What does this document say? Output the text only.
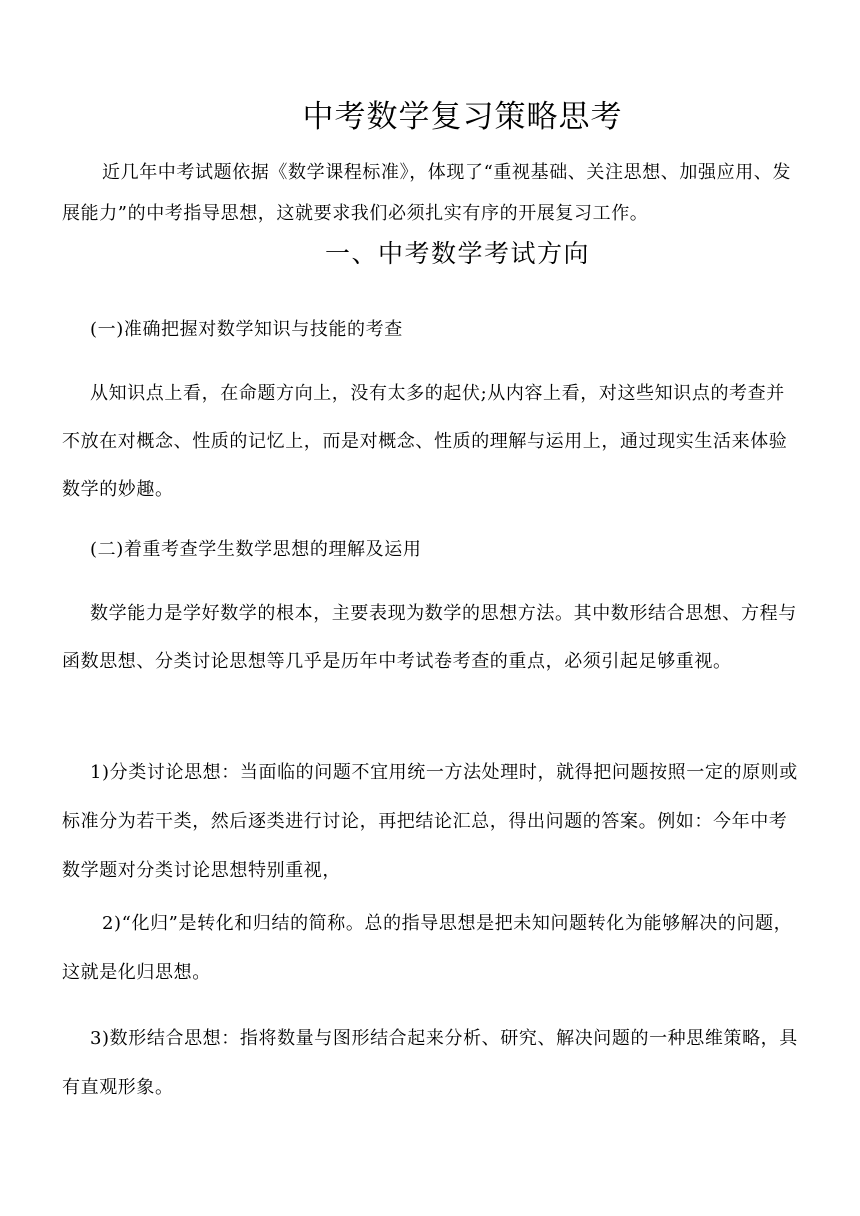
中考数学复习策略思考

近几年中考试题依据《数学课程标准》，体现了“重视基础、关注思想、加强应用、发展能力”的中考指导思想，这就要求我们必须扎实有序的开展复习工作。

一、中考数学考试方向

(一)准确把握对数学知识与技能的考查

从知识点上看，在命题方向上，没有太多的起伏;从内容上看，对这些知识点的考查并不放在对概念、性质的记忆上，而是对概念、性质的理解与运用上，通过现实生活来体验数学的妙趣。

(二)着重考查学生数学思想的理解及运用

数学能力是学好数学的根本，主要表现为数学的思想方法。其中数形结合思想、方程与函数思想、分类讨论思想等几乎是历年中考试卷考查的重点，必须引起足够重视。

1)分类讨论思想：当面临的问题不宜用统一方法处理时，就得把问题按照一定的原则或标准分为若干类，然后逐类进行讨论，再把结论汇总，得出问题的答案。例如：今年中考数学题对分类讨论思想特别重视，

2)“化归”是转化和归结的简称。总的指导思想是把未知问题转化为能够解决的问题，这就是化归思想。

3)数形结合思想：指将数量与图形结合起来分析、研究、解决问题的一种思维策略，具有直观形象。
